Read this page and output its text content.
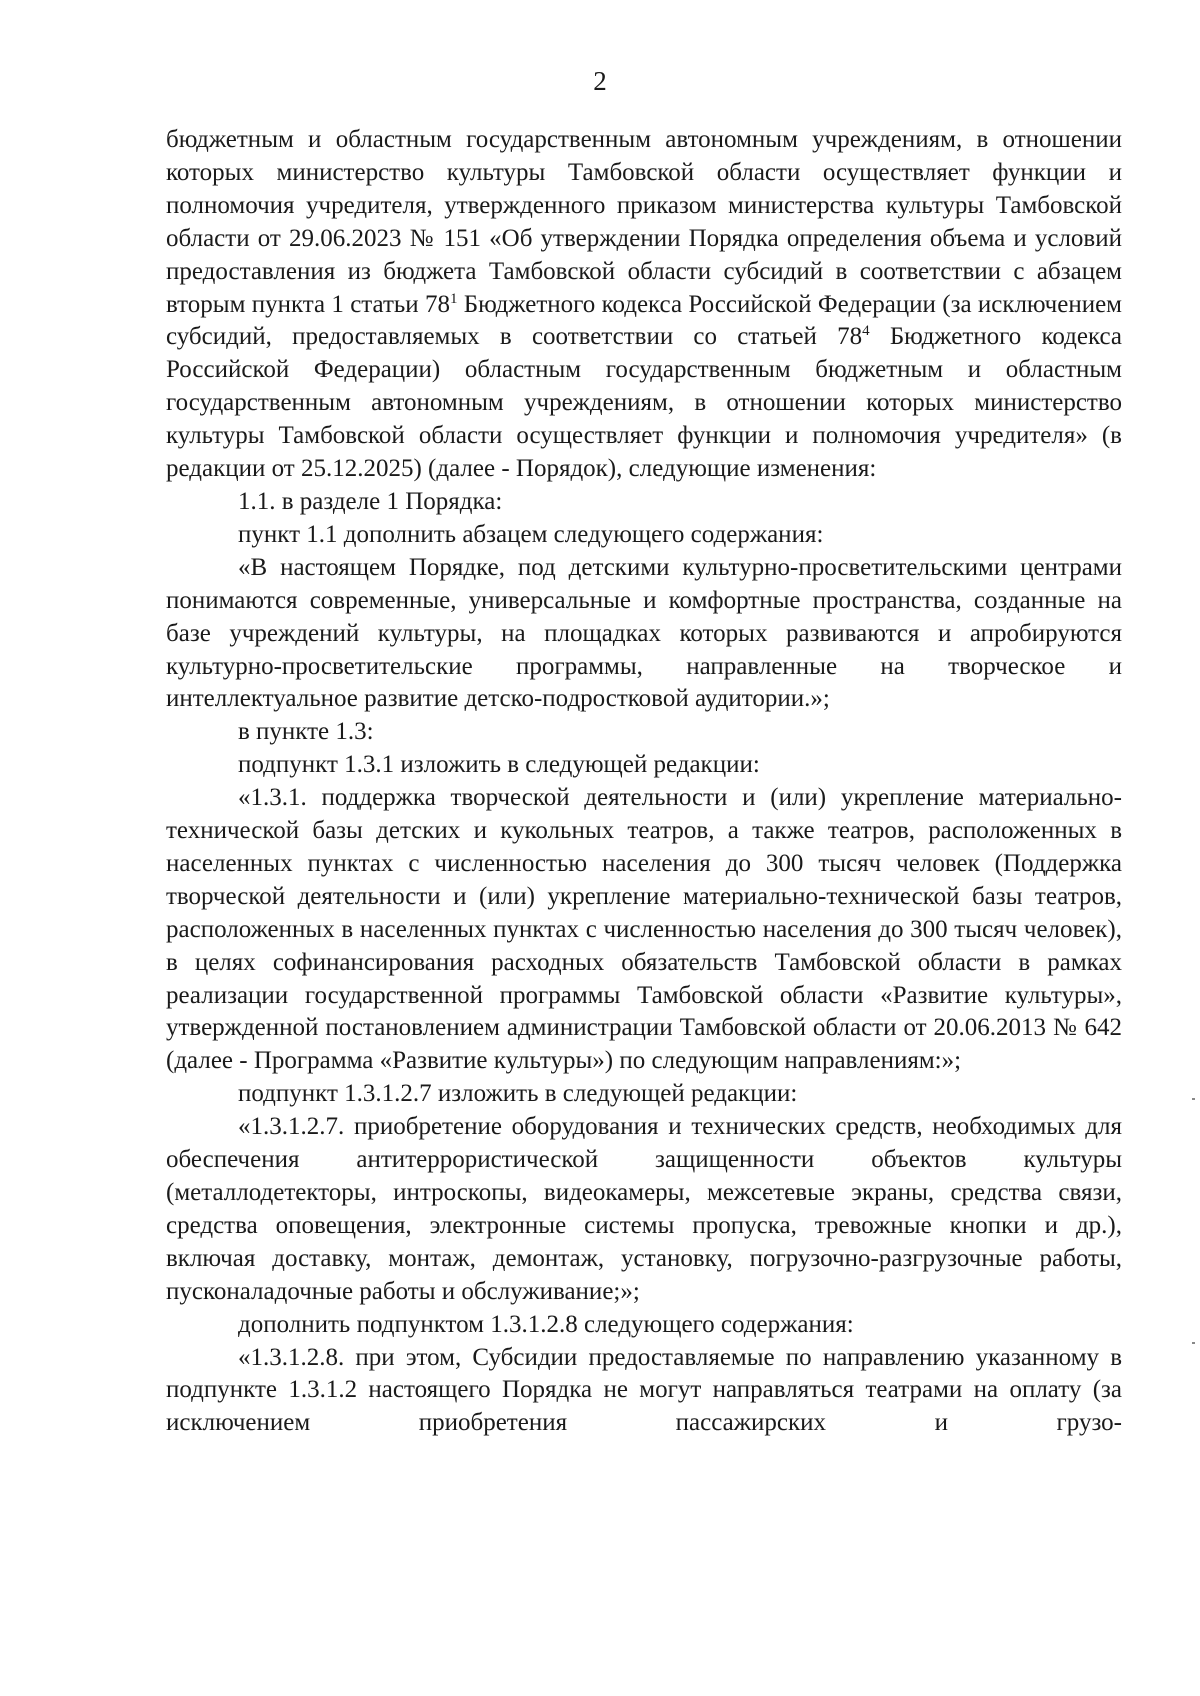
2

бюджетным и областным государственным автономным учреждениям, в отношении которых министерство культуры Тамбовской области осуществляет функции и полномочия учредителя, утвержденного приказом министерства культуры Тамбовской области от 29.06.2023 № 151 «Об утверждении Порядка определения объема и условий предоставления из бюджета Тамбовской области субсидий в соответствии с абзацем вторым пункта 1 статьи $78^1$ Бюджетного кодекса Российской Федерации (за исключением субсидий, предоставляемых в соответствии со статьей $78^4$ Бюджетного кодекса Российской Федерации) областным государственным бюджетным и областным государственным автономным учреждениям, в отношении которых министерство культуры Тамбовской области осуществляет функции и полномочия учредителя» (в редакции от 25.12.2025) (далее - Порядок), следующие изменения:

1.1. в разделе 1 Порядка:

пункт 1.1 дополнить абзацем следующего содержания:

«В настоящем Порядке, под детскими культурно-просветительскими центрами понимаются современные, универсальные и комфортные пространства, созданные на базе учреждений культуры, на площадках которых развиваются и апробируются культурно-просветительские программы, направленные на творческое и интеллектуальное развитие детско-подростковой аудитории.»;

в пункте 1.3:

подпункт 1.3.1 изложить в следующей редакции:

«1.3.1. поддержка творческой деятельности и (или) укрепление материально-технической базы детских и кукольных театров, а также театров, расположенных в населенных пунктах с численностью населения до 300 тысяч человек (Поддержка творческой деятельности и (или) укрепление материально-технической базы театров, расположенных в населенных пунктах с численностью населения до 300 тысяч человек), в целях софинансирования расходных обязательств Тамбовской области в рамках реализации государственной программы Тамбовской области «Развитие культуры», утвержденной постановлением администрации Тамбовской области от 20.06.2013 № 642 (далее - Программа «Развитие культуры») по следующим направлениям:»;

подпункт 1.3.1.2.7 изложить в следующей редакции:

«1.3.1.2.7. приобретение оборудования и технических средств, необходимых для обеспечения антитеррористической защищенности объектов культуры (металлодетекторы, интроскопы, видеокамеры, межсетевые экраны, средства связи, средства оповещения, электронные системы пропуска, тревожные кнопки и др.), включая доставку, монтаж, демонтаж, установку, погрузочно-разгрузочные работы, пусконаладочные работы и обслуживание;»;

дополнить подпунктом 1.3.1.2.8 следующего содержания:

«1.3.1.2.8. при этом, Субсидии предоставляемые по направлению указанному в подпункте 1.3.1.2 настоящего Порядка не могут направляться театрами на оплату (за исключением приобретения пассажирских и грузо-
